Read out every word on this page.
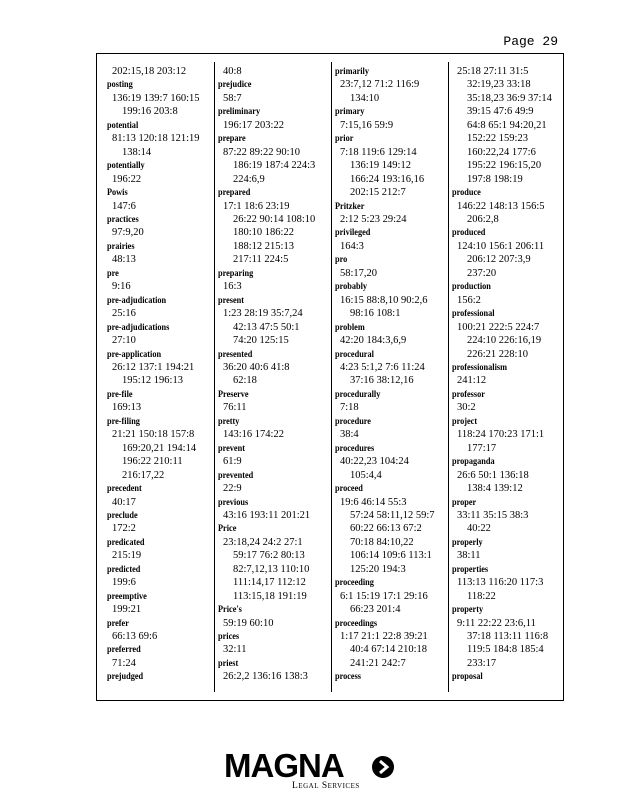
Page 29
202:15,18 203:12
posting
136:19 139:7 160:15
199:16 203:8
potential
81:13 120:18 121:19
138:14
potentially
196:22
Powis
147:6
practices
97:9,20
prairies
48:13
pre
9:16
pre-adjudication
25:16
pre-adjudications
27:10
pre-application
26:12 137:1 194:21
195:12 196:13
pre-file
169:13
pre-filing
21:21 150:18 157:8
169:20,21 194:14
196:22 210:11
216:17,22
precedent
40:17
preclude
172:2
predicated
215:19
predicted
199:6
preemptive
199:21
prefer
66:13 69:6
preferred
71:24
prejudged
40:8
prejudice
58:7
preliminary
196:17 203:22
prepare
87:22 89:22 90:10
186:19 187:4 224:3
224:6,9
prepared
17:1 18:6 23:19
26:22 90:14 108:10
180:10 186:22
188:12 215:13
217:11 224:5
preparing
16:3
present
1:23 28:19 35:7,24
42:13 47:5 50:1
74:20 125:15
presented
36:20 40:6 41:8
62:18
Preserve
76:11
pretty
143:16 174:22
prevent
61:9
prevented
22:9
previous
43:16 193:11 201:21
Price
23:18,24 24:2 27:1
59:17 76:2 80:13
82:7,12,13 110:10
111:14,17 112:12
113:15,18 191:19
Price's
59:19 60:10
prices
32:11
priest
26:2,2 136:16 138:3
primarily
23:7,12 71:2 116:9
134:10
primary
7:15,16 59:9
prior
7:18 119:6 129:14
136:19 149:12
166:24 193:16,16
202:15 212:7
Pritzker
2:12 5:23 29:24
privileged
164:3
pro
58:17,20
probably
16:15 88:8,10 90:2,6
98:16 108:1
problem
42:20 184:3,6,9
procedural
4:23 5:1,2 7:6 11:24
37:16 38:12,16
procedurally
7:18
procedure
38:4
procedures
40:22,23 104:24
105:4,4
proceed
19:6 46:14 55:3
57:24 58:11,12 59:7
60:22 66:13 67:2
70:18 84:10,22
106:14 109:6 113:1
125:20 194:3
proceeding
6:1 15:19 17:1 29:16
66:23 201:4
proceedings
1:17 21:1 22:8 39:21
40:4 67:14 210:18
241:21 242:7
process
25:18 27:11 31:5
32:19,23 33:18
35:18,23 36:9 37:14
39:15 47:6 49:9
64:8 65:1 94:20,21
152:22 159:23
160:22,24 177:6
195:22 196:15,20
197:8 198:19
produce
146:22 148:13 156:5
206:2,8
produced
124:10 156:1 206:11
206:12 207:3,9
237:20
production
156:2
professional
100:21 222:5 224:7
224:10 226:16,19
226:21 228:10
professionalism
241:12
professor
30:2
project
118:24 170:23 171:1
177:17
propaganda
26:6 50:1 136:18
138:4 139:12
proper
33:11 35:15 38:3
40:22
properly
38:11
properties
113:13 116:20 117:3
118:22
property
9:11 22:22 23:6,11
37:18 113:11 116:8
119:5 184:8 185:4
233:17
proposal
MAGNA
Legal Services
